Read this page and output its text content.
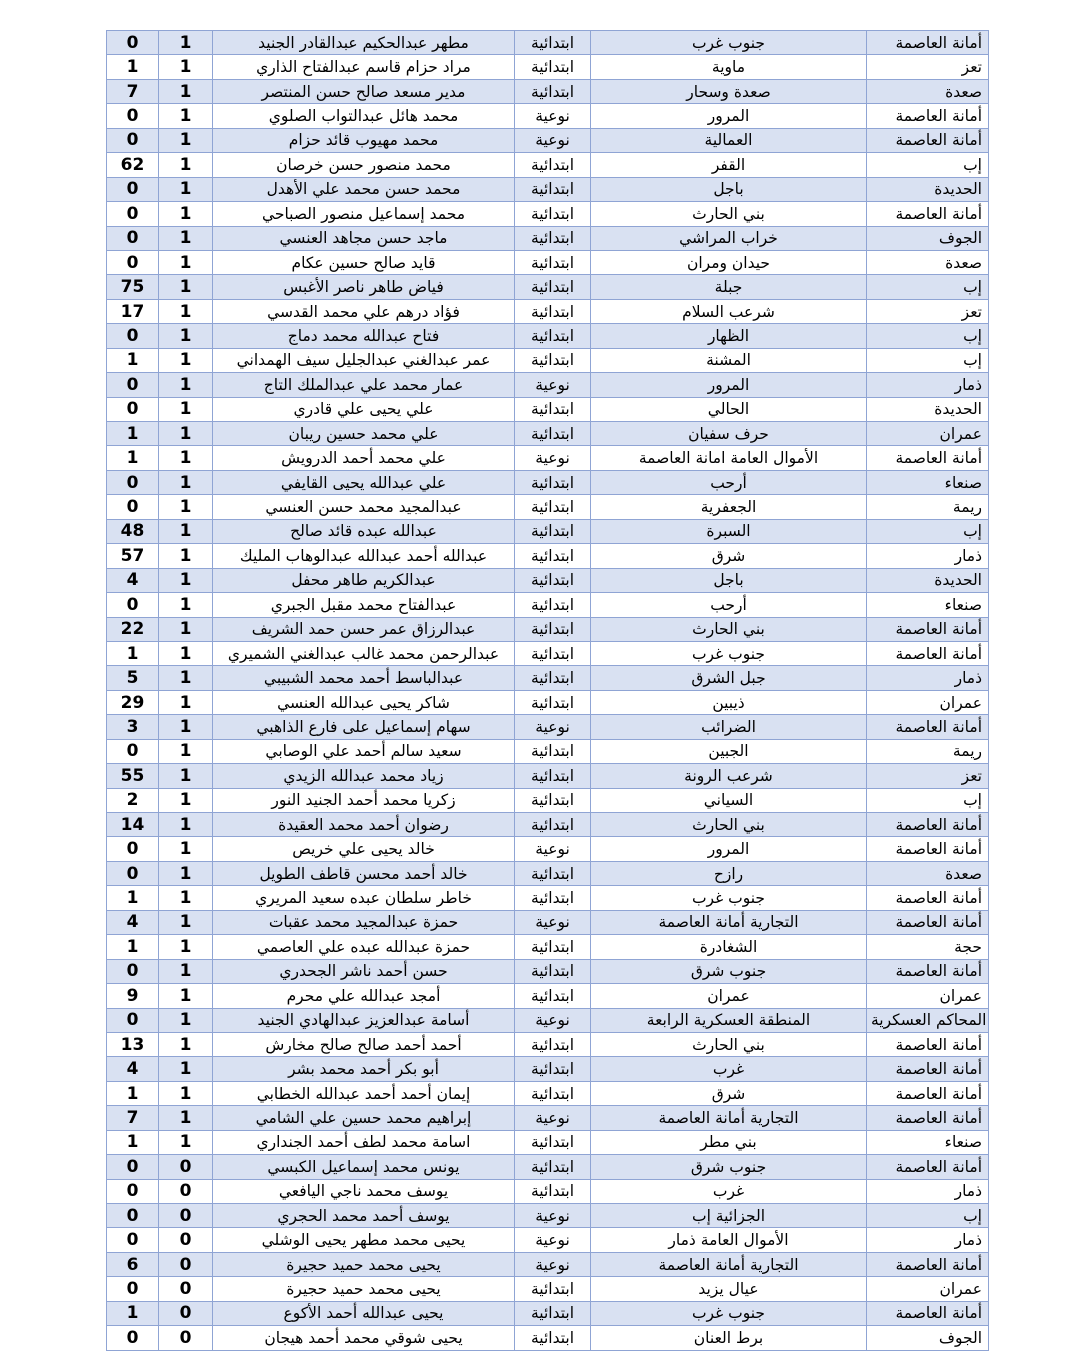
0	1	مطهر عبدالحكيم عبدالقادر الجنيد	ابتدائية	جنوب غرب	أمانة العاصمة
1	1	مراد حزام قاسم عبدالفتاح الذاري	ابتدائية	ماوية	تعز
7	1	مدير مسعد صالح حسن المنتصر	ابتدائية	صعدة وسحار	صعدة
0	1	محمد هائل عبدالتواب الصلوي	نوعية	المرور	أمانة العاصمة
0	1	محمد مهيوب قائد حزام	نوعية	العمالية	أمانة العاصمة
62	1	محمد منصور حسن خرصان	ابتدائية	القفر	إب
0	1	محمد حسن محمد علي الأهدل	ابتدائية	باجل	الحديدة
0	1	محمد إسماعيل منصور الصباحي	ابتدائية	بني الحارث	أمانة العاصمة
0	1	ماجد حسن مجاهد العنسي	ابتدائية	خراب المراشي	الجوف
0	1	قايد صالح حسين عكام	ابتدائية	حيدان ومران	صعدة
75	1	فياض طاهر ناصر الأغبس	ابتدائية	جبلة	إب
17	1	فؤاد درهم علي محمد القدسي	ابتدائية	شرعب السلام	تعز
0	1	فتاح عبدالله محمد دماج	ابتدائية	الظهار	إب
1	1	عمر عبدالغني عبدالجليل سيف الهمداني	ابتدائية	المشنة	إب
0	1	عمار محمد علي عبدالملك التاج	نوعية	المرور	ذمار
0	1	علي يحيى علي قادري	ابتدائية	الحالي	الحديدة
1	1	علي محمد حسين ريبان	ابتدائية	حرف سفيان	عمران
1	1	علي محمد أحمد الدرويش	نوعية	الأموال العامة امانة العاصمة	أمانة العاصمة
0	1	علي عبدالله يحيى القايفي	ابتدائية	أرحب	صنعاء
0	1	عبدالمجيد محمد حسن العنسي	ابتدائية	الجعفرية	ريمة
48	1	عبدالله عبده قائد صالح	ابتدائية	السبرة	إب
57	1	عبدالله أحمد عبدالله عبدالوهاب المليك	ابتدائية	شرق	ذمار
4	1	عبدالكريم طاهر محفل	ابتدائية	باجل	الحديدة
0	1	عبدالفتاح محمد مقبل الجبري	ابتدائية	أرحب	صنعاء
22	1	عبدالرزاق عمر حسن حمد الشريف	ابتدائية	بني الحارث	أمانة العاصمة
1	1	عبدالرحمن محمد غالب عبدالغني الشميري	ابتدائية	جنوب غرب	أمانة العاصمة
5	1	عبدالباسط أحمد محمد الشبيبي	ابتدائية	جبل الشرق	ذمار
29	1	شاكر يحيى عبدالله العنسي	ابتدائية	ذيبين	عمران
3	1	سهام إسماعيل على فارع الذاهبي	نوعية	الضرائب	أمانة العاصمة
0	1	سعيد سالم أحمد علي الوصابي	ابتدائية	الجبين	ريمة
55	1	زياد محمد عبدالله الزيدي	ابتدائية	شرعب الرونة	تعز
2	1	زكريا محمد أحمد الجنيد النور	ابتدائية	السياني	إب
14	1	رضوان أحمد محمد العقيدة	ابتدائية	بني الحارث	أمانة العاصمة
0	1	خالد يحيى علي خريص	نوعية	المرور	أمانة العاصمة
0	1	خالد أحمد محسن قاطف الطويل	ابتدائية	رازح	صعدة
1	1	خاطر سلطان عبده سعيد المريري	ابتدائية	جنوب غرب	أمانة العاصمة
4	1	حمزة عبدالمجيد محمد عقبات	نوعية	التجارية أمانة العاصمة	أمانة العاصمة
1	1	حمزة عبدالله عبده علي العاصمي	ابتدائية	الشغادرة	حجة
0	1	حسن أحمد ناشر الجحدري	ابتدائية	جنوب شرق	أمانة العاصمة
9	1	أمجد عبدالله علي محرم	ابتدائية	عمران	عمران
0	1	أسامة عبدالعزيز عبدالهادي الجنيد	نوعية	المنطقة العسكرية الرابعة	المحاكم العسكرية
13	1	أحمد أحمد صالح صالح مخارش	ابتدائية	بني الحارث	أمانة العاصمة
4	1	أبو بكر أحمد محمد بشر	ابتدائية	غرب	أمانة العاصمة
1	1	إيمان أحمد أحمد عبدالله الخطابي	ابتدائية	شرق	أمانة العاصمة
7	1	إبراهيم محمد حسين علي الشامي	نوعية	التجارية أمانة العاصمة	أمانة العاصمة
1	1	اسامة محمد لطف أحمد الجنداري	ابتدائية	بني مطر	صنعاء
0	0	يونس محمد إسماعيل الكبسي	ابتدائية	جنوب شرق	أمانة العاصمة
0	0	يوسف محمد ناجي اليافعي	ابتدائية	غرب	ذمار
0	0	يوسف أحمد محمد الحجري	نوعية	الجزائية إب	إب
0	0	يحيى محمد مطهر يحيى الوشلي	نوعية	الأموال العامة ذمار	ذمار
6	0	يحيى محمد حميد حجيرة	نوعية	التجارية أمانة العاصمة	أمانة العاصمة
0	0	يحيى محمد حميد حجيرة	ابتدائية	عيال يزيد	عمران
1	0	يحيى عبدالله أحمد الأكوع	ابتدائية	جنوب غرب	أمانة العاصمة
0	0	يحيى شوقي محمد أحمد هيجان	ابتدائية	برط العنان	الجوف
